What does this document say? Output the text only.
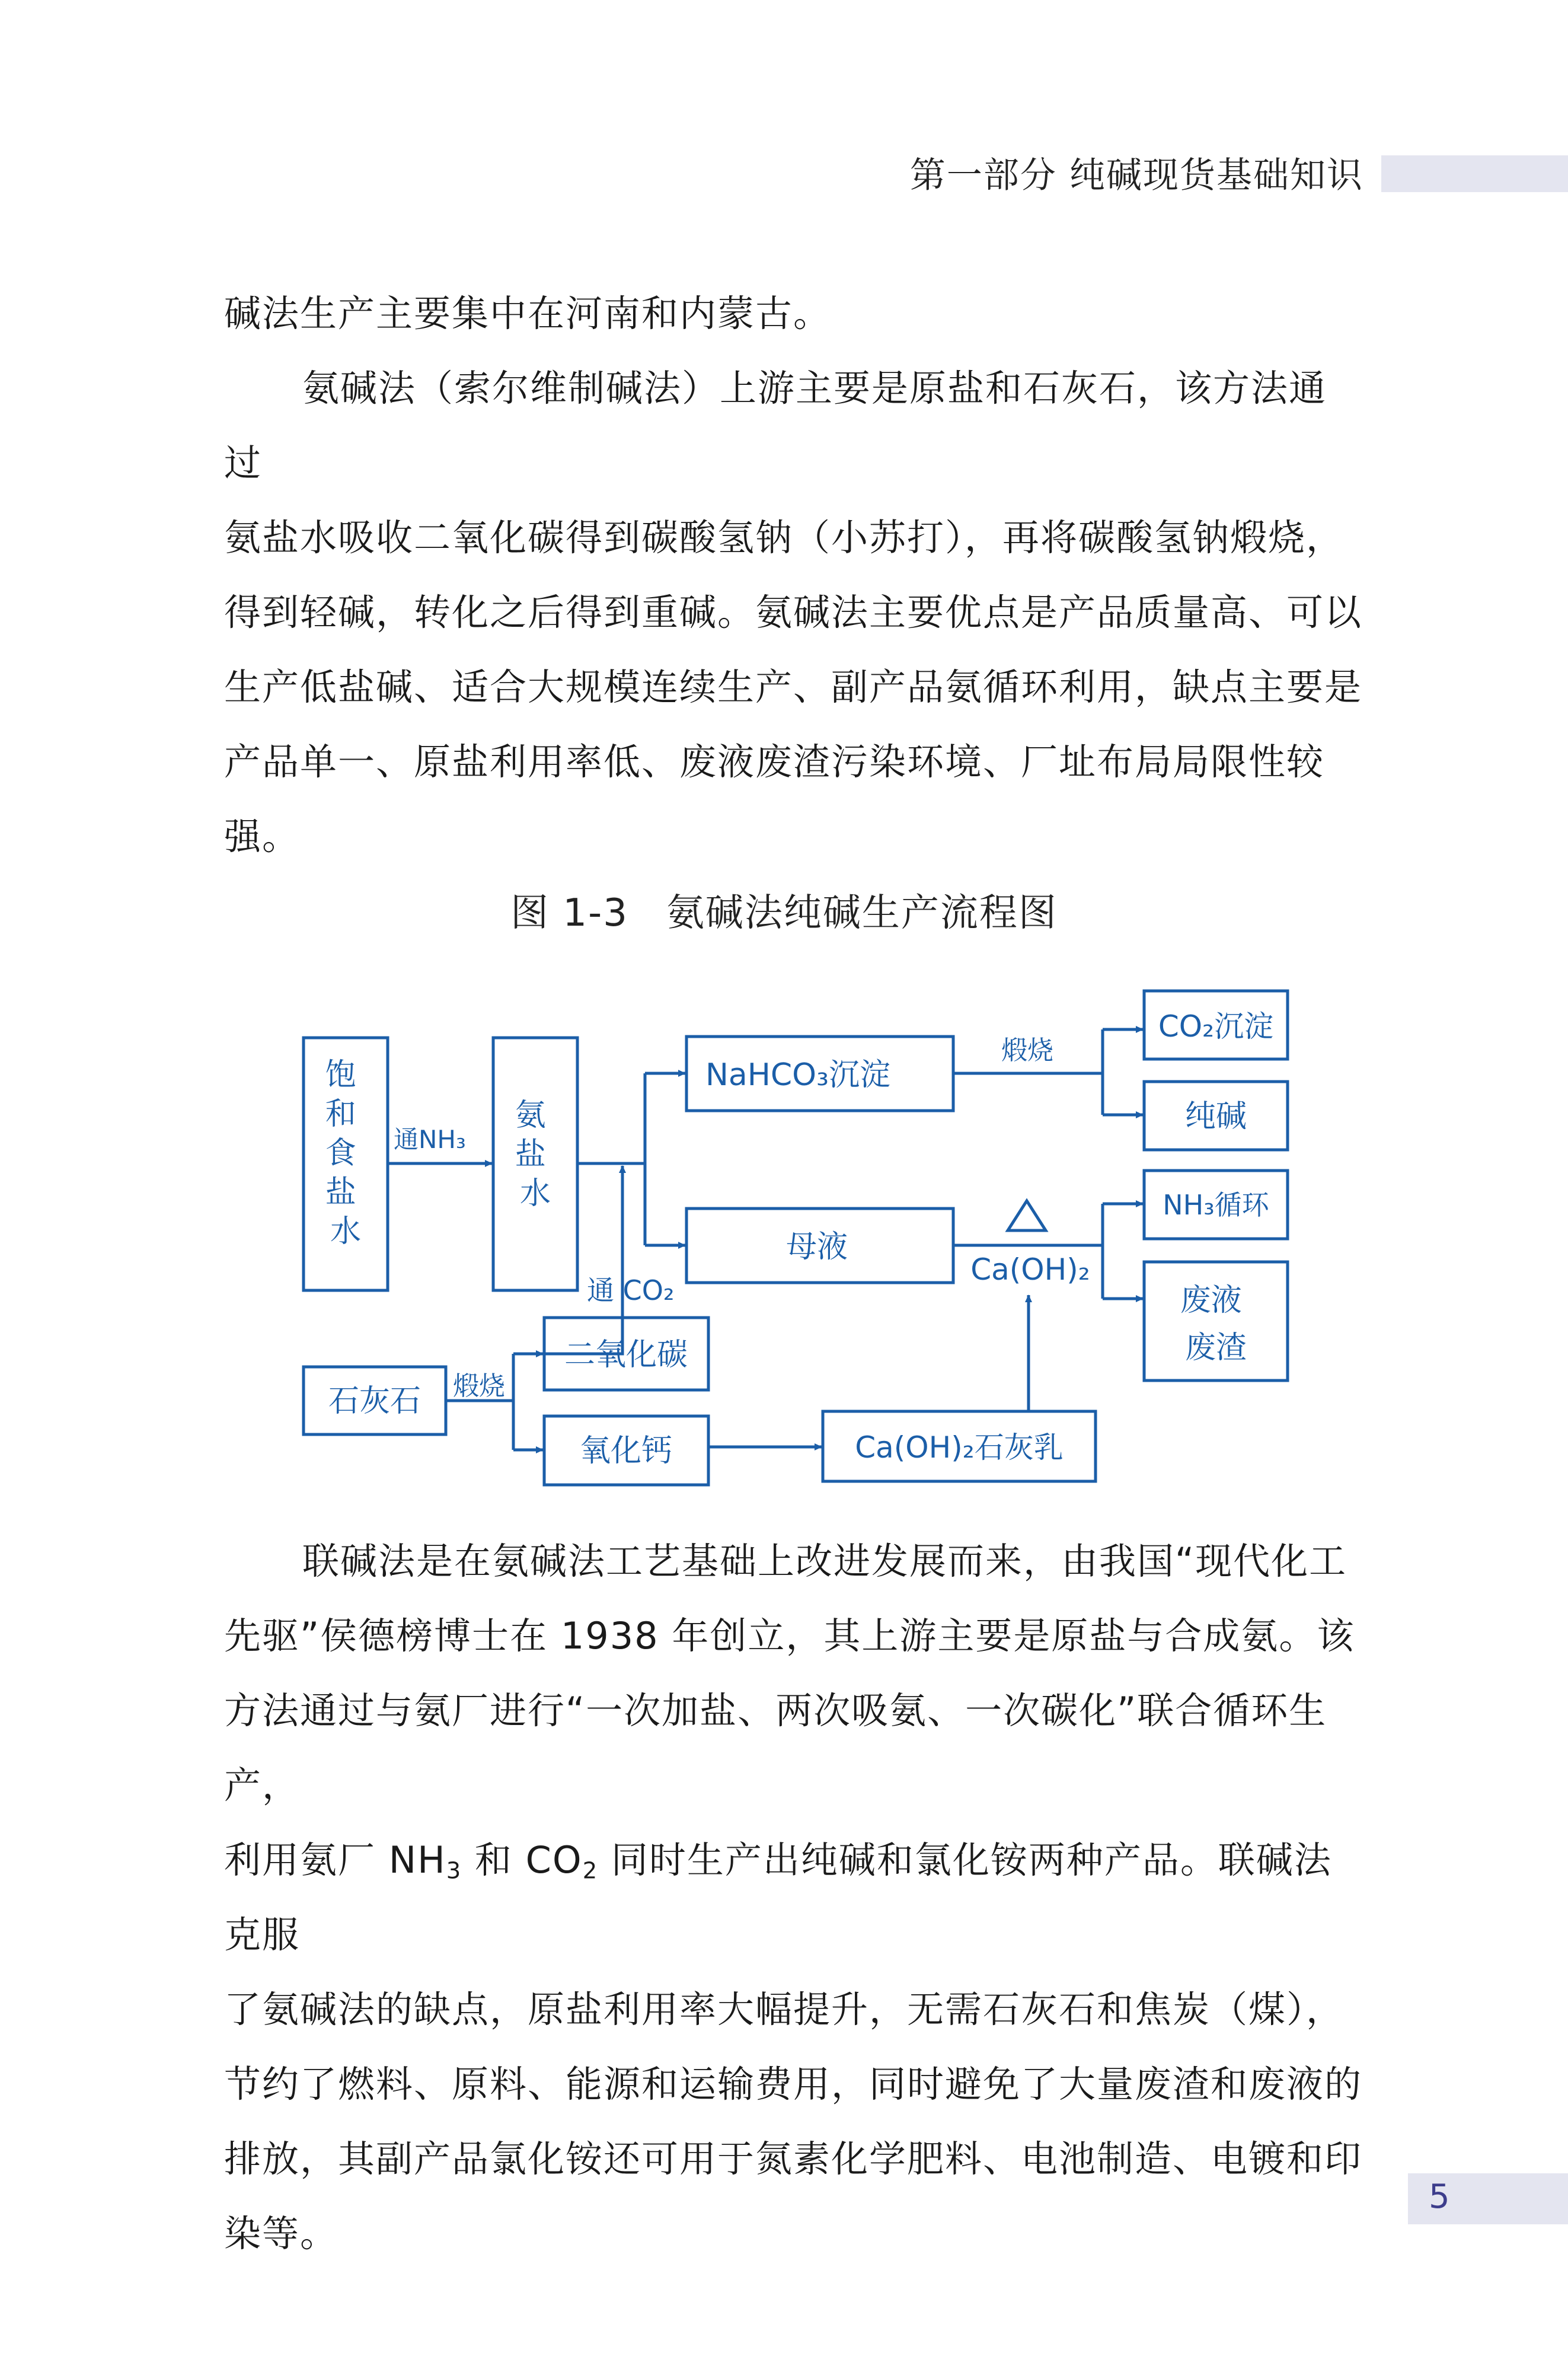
第一部分 纯碱现货基础知识

碱法生产主要集中在河南和内蒙古。

氨碱法（索尔维制碱法）上游主要是原盐和石灰石，该方法通过
氨盐水吸收二氧化碳得到碳酸氢钠（小苏打），再将碳酸氢钠煅烧，
得到轻碱，转化之后得到重碱。氨碱法主要优点是产品质量高、可以
生产低盐碱、适合大规模连续生产、副产品氨循环利用，缺点主要是
产品单一、原盐利用率低、废液废渣污染环境、厂址布局局限性较强。
图 1-3 氨碱法纯碱生产流程图
饱 和 食 盐 水
氨 盐 水
通NH₃
NaHCO₃沉淀
母液
煅烧
CO₂沉淀
纯碱
NH₃循环
废液 废渣
Ca(OH)₂
通 CO₂
二氧化碳
石灰石 煅烧
氧化钙	Ca(OH)₂石灰乳
联碱法是在氨碱法工艺基础上改进发展而来，由我国“现代化工
先驱”侯德榜博士在 1938 年创立，其上游主要是原盐与合成氨。该
方法通过与氨厂进行“一次加盐、两次吸氨、一次碳化”联合循环生产，
利用氨厂 $NH_3$ 和 $CO_2$ 同时生产出纯碱和氯化铵两种产品。联碱法克服
了氨碱法的缺点，原盐利用率大幅提升，无需石灰石和焦炭（煤），
节约了燃料、原料、能源和运输费用，同时避免了大量废渣和废液的
排放，其副产品氯化铵还可用于氮素化学肥料、电池制造、电镀和印
染等。
5
